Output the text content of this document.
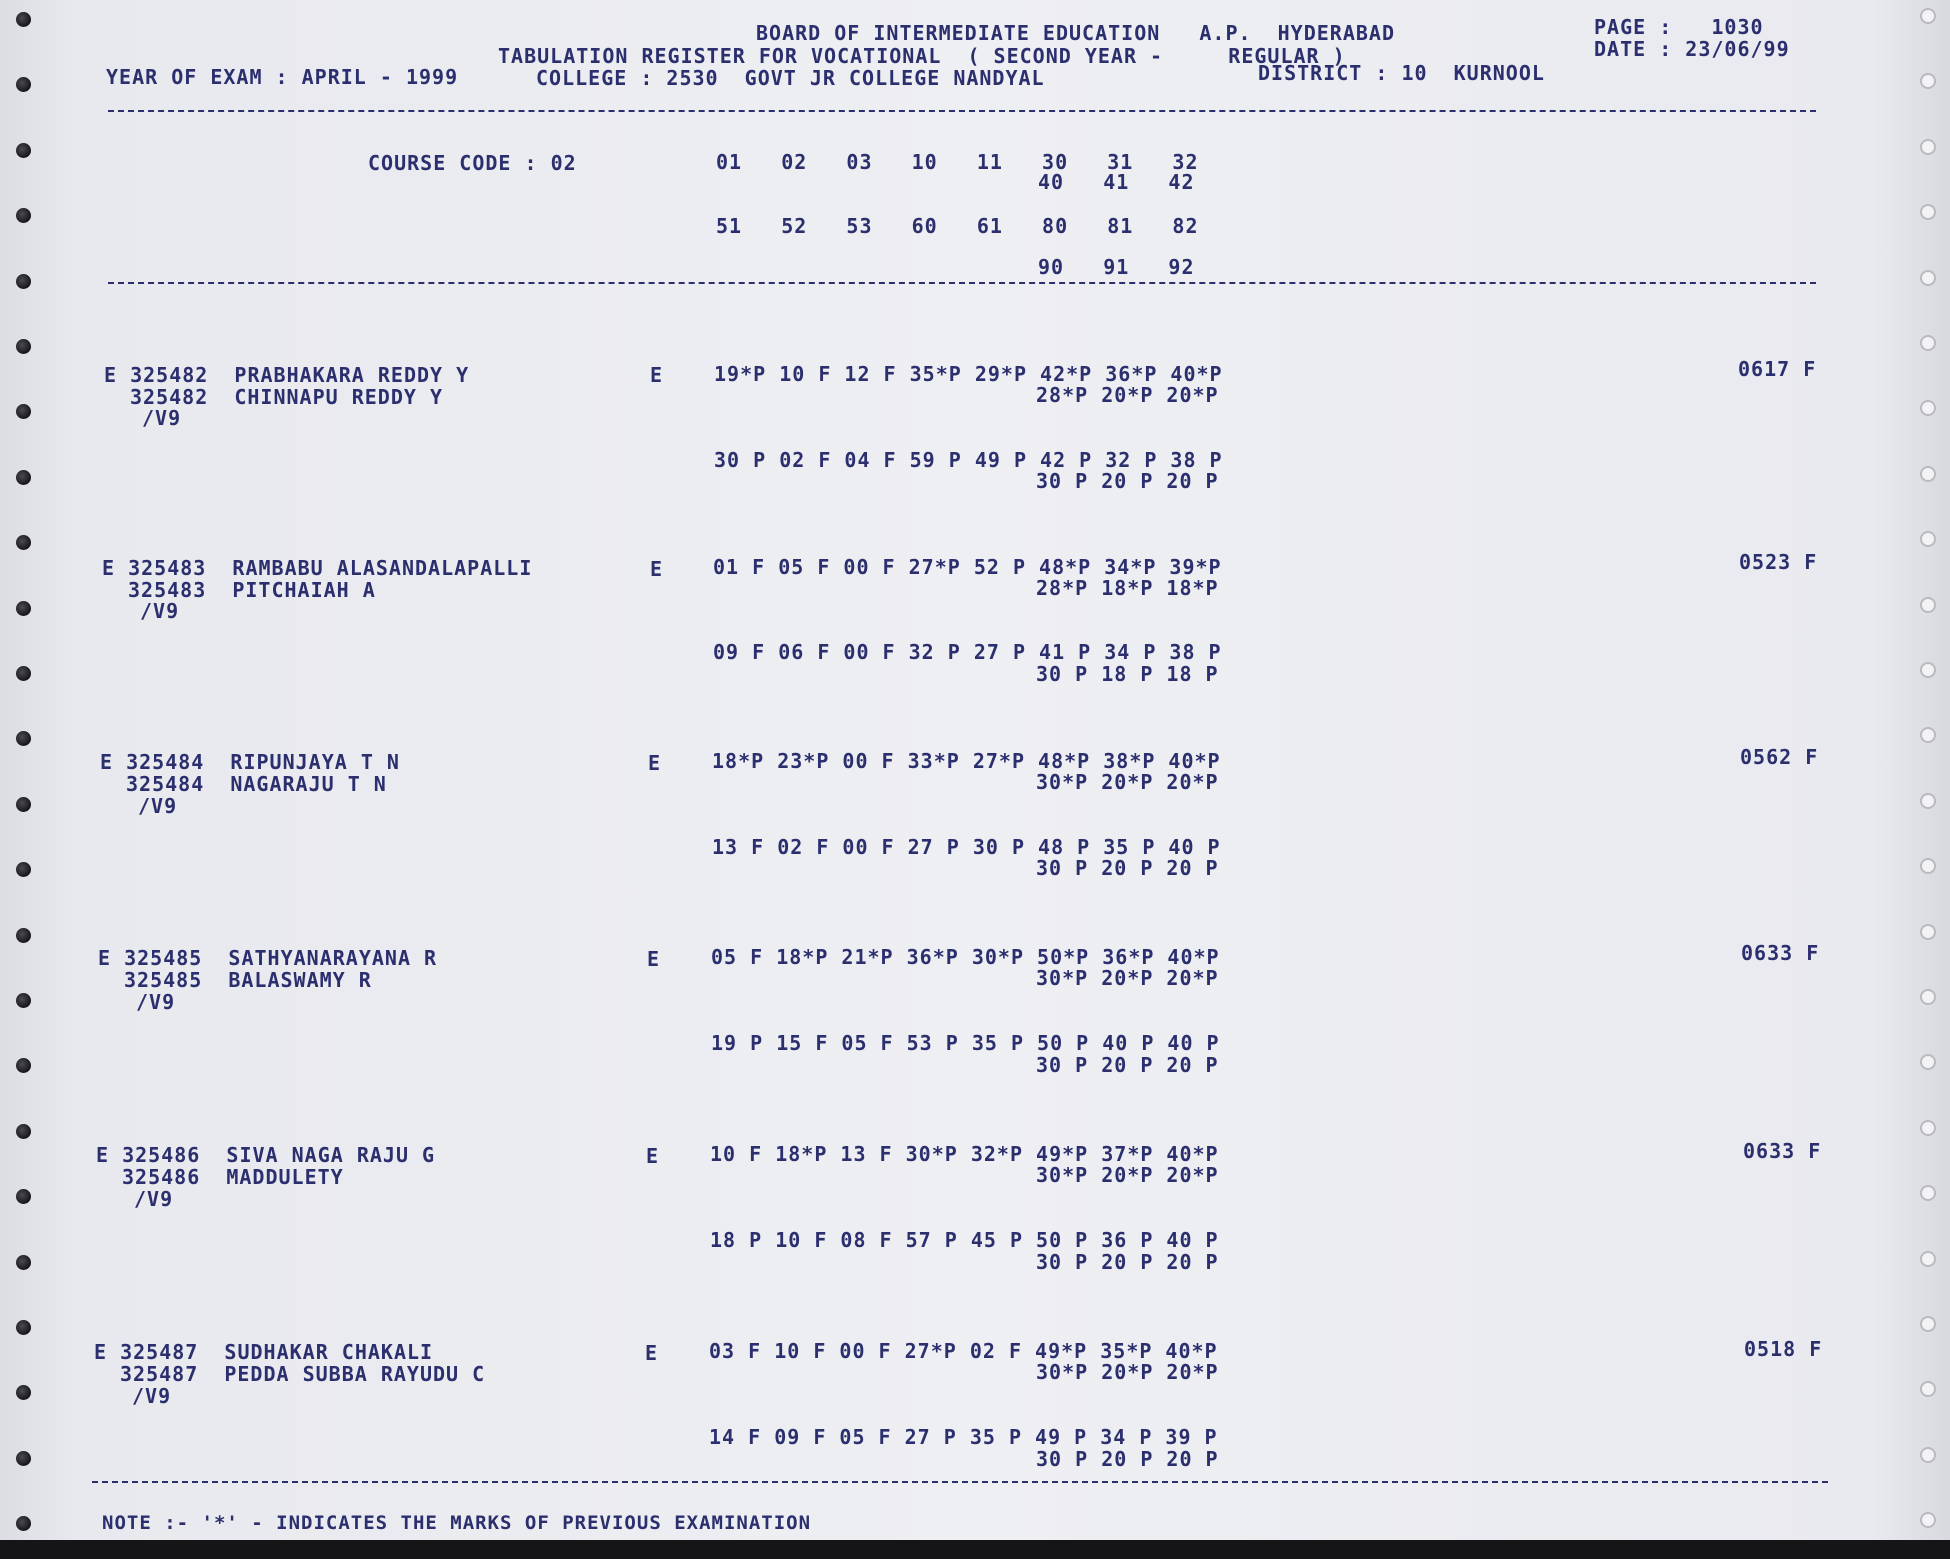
BOARD OF INTERMEDIATE EDUCATION   A.P.  HYDERABAD
TABULATION REGISTER FOR VOCATIONAL  ( SECOND YEAR -     REGULAR )
YEAR OF EXAM : APRIL - 1999	COLLEGE : 2530  GOVT JR COLLEGE NANDYAL	DISTRICT : 10  KURNOOL
PAGE :   1030
DATE : 23/06/99
COURSE CODE : 02	01   02   03   10   11   30   31   32
40   41   42
51   52   53   60   61   80   81   82
90   91   92
E 325482  PRABHAKARA REDDY Y
325482  CHINNAPU REDDY Y
/V9
E	19*P 10 F 12 F 35*P 29*P 42*P 36*P 40*P
28*P 20*P 20*P
30 P 02 F 04 F 59 P 49 P 42 P 32 P 38 P
30 P 20 P 20 P
0617 F
E 325483  RAMBABU ALASANDALAPALLI
325483  PITCHAIAH A
/V9
E 01 F 05 F 00 F 27*P 52 P 48*P 34*P 39*P
28*P 18*P 18*P
09 F 06 F 00 F 32 P 27 P 41 P 34 P 38 P
30 P 18 P 18 P
0523 F
E 325484  RIPUNJAYA T N
325484  NAGARAJU T N
/V9
E	18*P 23*P 00 F 33*P 27*P 48*P 38*P 40*P
30*P 20*P 20*P
13 F 02 F 00 F 27 P 30 P 48 P 35 P 40 P
30 P 20 P 20 P
0562 F
E 325485  SATHYANARAYANA R
325485  BALASWAMY R
/V9
E	05 F 18*P 21*P 36*P 30*P 50*P 36*P 40*P
30*P 20*P 20*P
19 P 15 F 05 F 53 P 35 P 50 P 40 P 40 P
30 P 20 P 20 P
0633 F
E 325486  SIVA NAGA RAJU G
325486  MADDULETY
/V9
E	10 F 18*P 13 F 30*P 32*P 49*P 37*P 40*P
30*P 20*P 20*P
18 P 10 F 08 F 57 P 45 P 50 P 36 P 40 P
30 P 20 P 20 P
0633 F
E 325487  SUDHAKAR CHAKALI
325487  PEDDA SUBBA RAYUDU C
/V9
E	03 F 10 F 00 F 27*P 02 F 49*P 35*P 40*P
30*P 20*P 20*P
14 F 09 F 05 F 27 P 35 P 49 P 34 P 39 P
30 P 20 P 20 P
0518 F
NOTE :- '*' - INDICATES THE MARKS OF PREVIOUS EXAMINATION
